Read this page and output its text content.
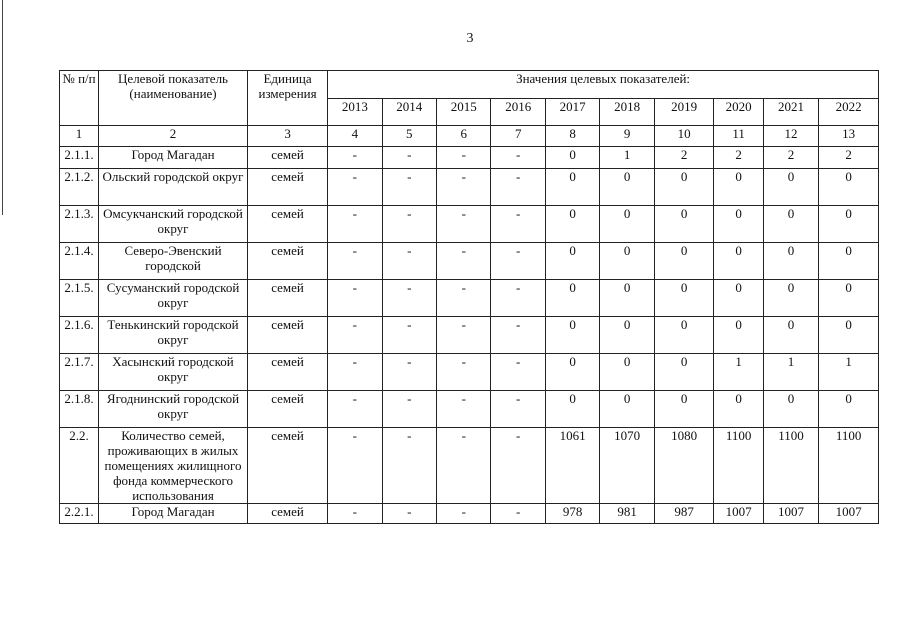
3
№ п/п	Целевой показатель (наименование)	Единица измерения	Значения целевых показателей:									
			2013	2014	2015	2016	2017	2018	2019	2020	2021	2022
1	2	3	4	5	6	7	8	9	10	11	12	13
2.1.1.	Город Магадан	семей	-	-	-	-	0	1	2	2	2	2
2.1.2.	Ольский городской округ	семей	-	-	-	-	0	0	0	0	0	0
2.1.3.	Омсукчанский городской округ	семей	-	-	-	-	0	0	0	0	0	0
2.1.4.	Северо-Эвенский городской	семей	-	-	-	-	0	0	0	0	0	0
2.1.5.	Сусуманский городской округ	семей	-	-	-	-	0	0	0	0	0	0
2.1.6.	Тенькинский городской округ	семей	-	-	-	-	0	0	0	0	0	0
2.1.7.	Хасынский городской округ	семей	-	-	-	-	0	0	0	1	1	1
2.1.8.	Ягоднинский городской округ	семей	-	-	-	-	0	0	0	0	0	0
2.2.	Количество семей, проживающих в жилых помещениях жилищного фонда коммерческого использования	семей	-	-	-	-	1061	1070	1080	1100	1100	1100
2.2.1.	Город Магадан	семей	-	-	-	-	978	981	987	1007	1007	1007
